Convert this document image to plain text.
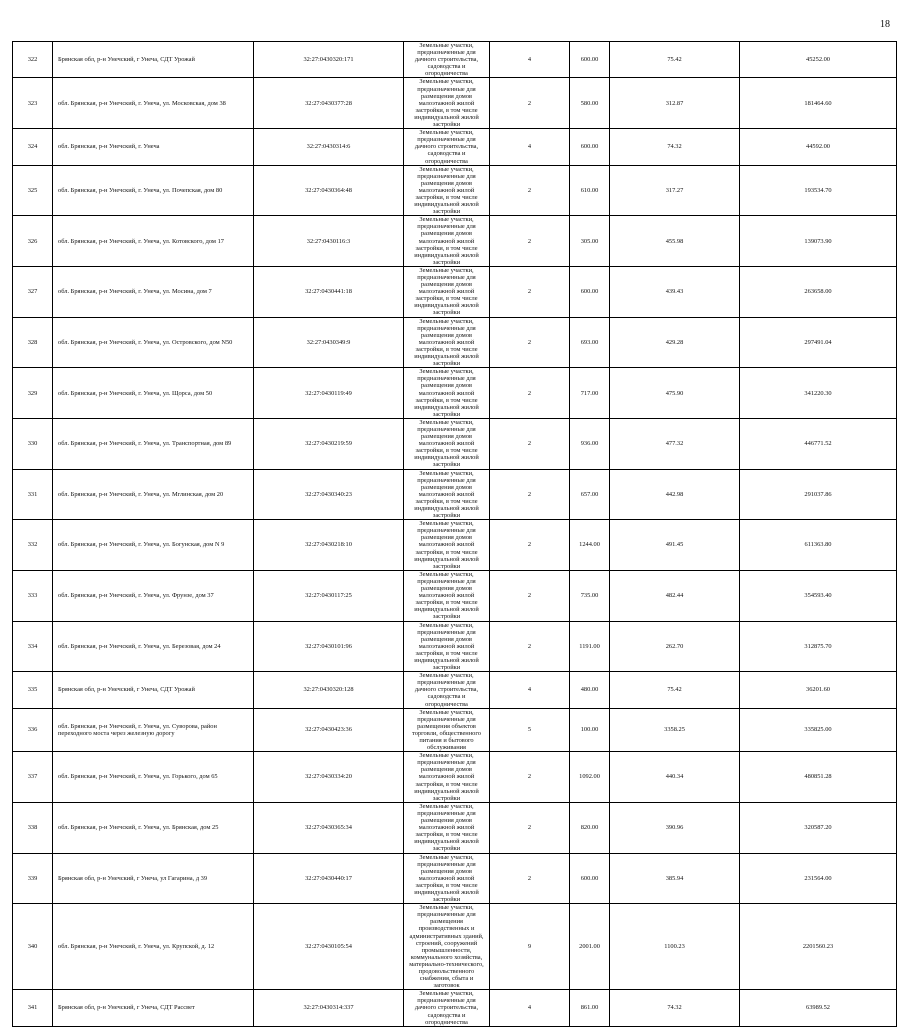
18
322	Брянская обл, р-н Унечский, г Унеча, СДТ Урожай	32:27:0430320:171	Земельные участки, предназначенные для дачного строительства, садоводства и огородничества	4	600.00	75.42	45252.00
323	обл. Брянская, р-н Унечский, г. Унеча, ул. Московская, дом 38	32:27:0430377:28	Земельные участки, предназначенные для размещения домов малоэтажной жилой застройки, в том числе индивидуальной жилой застройки	2	580.00	312.87	181464.60
324	обл. Брянская, р-н Унечский, г. Унеча	32:27:0430314:6	Земельные участки, предназначенные для дачного строительства, садоводства и огородничества	4	600.00	74.32	44592.00
325	обл. Брянская, р-н Унечский, г. Унеча, ул. Почепская, дом 80	32:27:0430364:48	Земельные участки, предназначенные для размещения домов малоэтажной жилой застройки, в том числе индивидуальной жилой застройки	2	610.00	317.27	193534.70
326	обл. Брянская, р-н Унечский, г. Унеча, ул. Котовского, дом 17	32:27:0430116:3	Земельные участки, предназначенные для размещения домов малоэтажной жилой застройки, в том числе индивидуальной жилой застройки	2	305.00	455.98	139073.90
327	обл. Брянская, р-н Унечский, г. Унеча, ул. Мосина, дом 7	32:27:0430441:18	Земельные участки, предназначенные для размещения домов малоэтажной жилой застройки, в том числе индивидуальной жилой застройки	2	600.00	439.43	263658.00
328	обл. Брянская, р-н Унечский, г. Унеча, ул. Островского, дом N50	32:27:0430349:9	Земельные участки, предназначенные для размещения домов малоэтажной жилой застройки, в том числе индивидуальной жилой застройки	2	693.00	429.28	297491.04
329	обл. Брянская, р-н Унечский, г. Унеча, ул. Щорса, дом 50	32:27:0430119:49	Земельные участки, предназначенные для размещения домов малоэтажной жилой застройки, в том числе индивидуальной жилой застройки	2	717.00	475.90	341220.30
330	обл. Брянская, р-н Унечский, г. Унеча, ул. Транспортная, дом 89	32:27:0430219:59	Земельные участки, предназначенные для размещения домов малоэтажной жилой застройки, в том числе индивидуальной жилой застройки	2	936.00	477.32	446771.52
331	обл. Брянская, р-н Унечский, г. Унеча, ул. Мглинская, дом 20	32:27:0430340:23	Земельные участки, предназначенные для размещения домов малоэтажной жилой застройки, в том числе индивидуальной жилой застройки	2	657.00	442.98	291037.86
332	обл. Брянская, р-н Унечский, г. Унеча, ул. Богунская, дом N 9	32:27:0430218:10	Земельные участки, предназначенные для размещения домов малоэтажной жилой застройки, в том числе индивидуальной жилой застройки	2	1244.00	491.45	611363.80
333	обл. Брянская, р-н Унечский, г. Унеча, ул. Фрунзе, дом 37	32:27:0430117:25	Земельные участки, предназначенные для размещения домов малоэтажной жилой застройки, в том числе индивидуальной жилой застройки	2	735.00	482.44	354593.40
334	обл. Брянская, р-н Унечский, г. Унеча, ул. Березовая, дом 24	32:27:0430101:96	Земельные участки, предназначенные для размещения домов малоэтажной жилой застройки, в том числе индивидуальной жилой застройки	2	1191.00	262.70	312875.70
335	Брянская обл, р-н Унечский, г Унеча, СДТ Урожай	32:27:0430320:128	Земельные участки, предназначенные для дачного строительства, садоводства и огородничества	4	480.00	75.42	36201.60
336	обл. Брянская, р-н Унечский, г. Унеча, ул. Суворова, район переходного моста через железную дорогу	32:27:0430423:36	Земельные участки, предназначенные для размещения объектов торговли, общественного питания и бытового обслуживания	5	100.00	3358.25	335825.00
337	обл. Брянская, р-н Унечский, г. Унеча, ул. Горького, дом 65	32:27:0430334:20	Земельные участки, предназначенные для размещения домов малоэтажной жилой застройки, в том числе индивидуальной жилой застройки	2	1092.00	440.34	480851.28
338	обл. Брянская, р-н Унечский, г. Унеча, ул. Брянская, дом 25	32:27:0430365:34	Земельные участки, предназначенные для размещения домов малоэтажной жилой застройки, в том числе индивидуальной жилой застройки	2	820.00	390.96	320587.20
339	Брянская обл, р-н Унечский, г Унеча, ул Гагарина, д 39	32:27:0430440:17	Земельные участки, предназначенные для размещения домов малоэтажной жилой застройки, в том числе индивидуальной жилой застройки	2	600.00	385.94	231564.00
340	обл. Брянская, р-н Унечский, г. Унеча, ул. Крупской, д. 12	32:27:0430105:54	Земельные участки, предназначенные для размещения производственных и административных зданий, строений, сооружений промышленности, коммунального хозяйства, материально-технического, продовольственного снабжения, сбыта и заготовок	9	2001.00	1100.23	2201560.23
341	Брянская обл, р-н Унечский, г Унеча, СДТ Рассвет	32:27:0430314:337	Земельные участки, предназначенные для дачного строительства, садоводства и огородничества	4	861.00	74.32	63989.52
